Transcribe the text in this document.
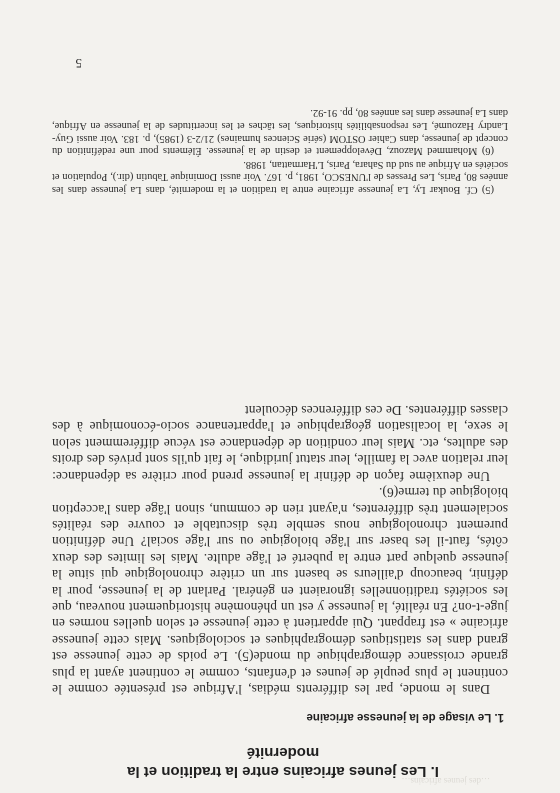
…des jeunes africains…
I. Les jeunes africains entre la tradition et la modernité
1. Le visage de la jeunesse africaine

Dans le monde, par les différents médias, l'Afrique est présentée comme le continent le plus peuplé de jeunes et d'enfants, comme le continent ayant la plus grande croissance démographique du monde(5). Le poids de cette jeunesse est grand dans les statistiques démographiques et sociologiques. Mais cette jeunesse africaine » est frappant. Qui appartient à cette jeunesse et selon quelles normes en juge-t-on? En réalité, la jeunesse y est un phénomène historiquement nouveau, que les sociétés traditionnelles ignoraient en général. Parlant de la jeunesse, pour la définir, beaucoup d'ailleurs se basent sur un critère chronologique qui situe la jeunesse quelque part entre la puberté et l'âge adulte. Mais les limites des deux côtés, faut-il les baser sur l'âge biologique ou sur l'âge social? Une définition purement chronologique nous semble très discutable et couvre des réalités socialement très différentes, n'ayant rien de commun, sinon l'âge dans l'acception biologique du terme(6).

Une deuxième façon de définir la jeunesse prend pour critère sa dépendance: leur relation avec la famille, leur statut juridique, le fait qu'ils sont privés des droits des adultes, etc. Mais leur condition de dépendance est vécue différemment selon le sexe, la localisation géographique et l'appartenance socio-économique à des classes différentes. De ces différences découlent

(5) Cf. Boukar Ly, La jeunesse africaine entre la tradition et la modernité, dans La jeunesse dans les années 80, Paris, Les Presses de l'UNESCO, 1981, p. 167. Voir aussi Dominique Tabutin (dir.), Population et sociétés en Afrique au sud du Sahara, Paris, L'Harmattan, 1988.

(6) Mohammed Mazouz, Développement et destin de la jeunesse. Éléments pour une redéfinition du concept de jeunesse, dans Cahier OSTOM (série Sciences humaines) 21/2-3 (1985), p. 183. Voir aussi Guy-Landry Hazoumé, Les responsabilités historiques, les tâches et les incertitudes de la jeunesse en Afrique, dans La jeunesse dans les années 80, pp. 91-92.

5
